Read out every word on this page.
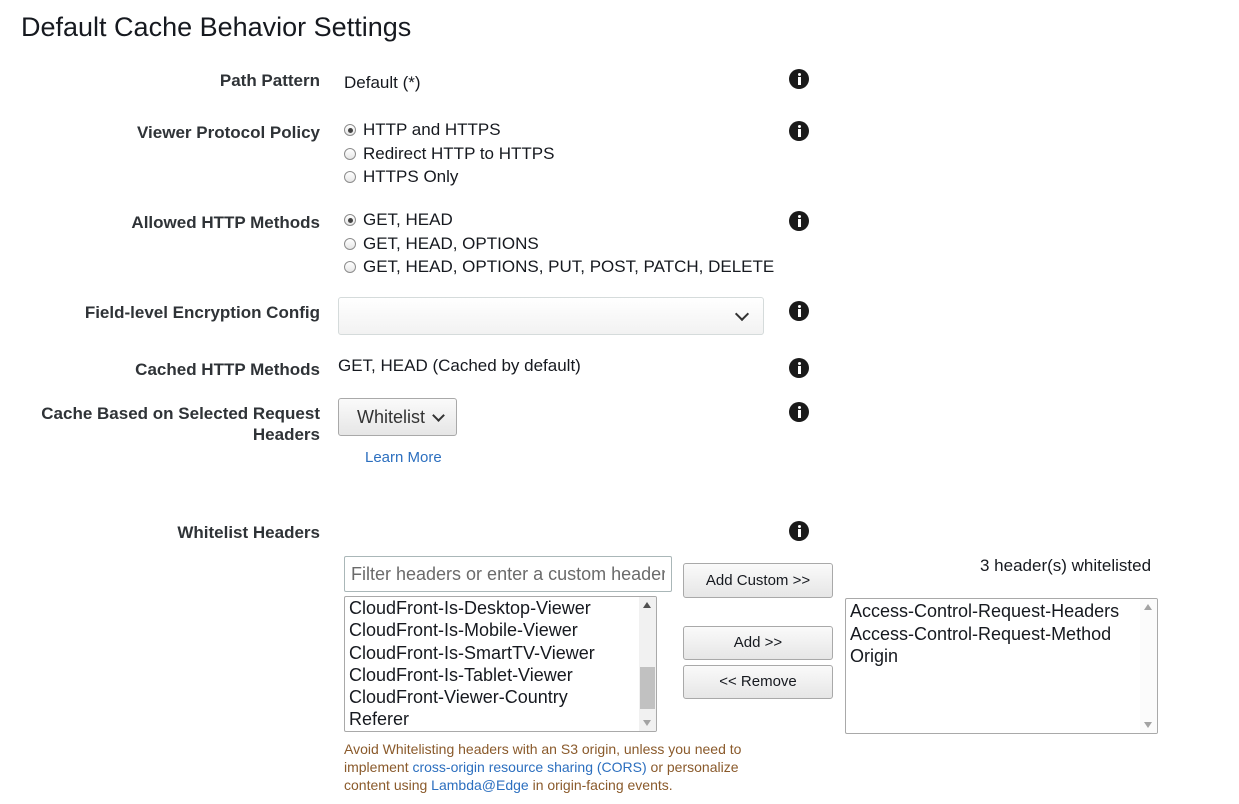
Default Cache Behavior Settings
Path Pattern Default (*)
Viewer Protocol Policy	HTTP and HTTPS
Redirect HTTP to HTTPS
HTTPS Only
Allowed HTTP Methods	GET, HEAD
GET, HEAD, OPTIONS
GET, HEAD, OPTIONS, PUT, POST, PATCH, DELETE
Field-level Encryption Config
Cached HTTP Methods GET, HEAD (Cached by default)
Cache Based on Selected Request
Headers
Whitelist
Learn More
Whitelist Headers
Filter headers or enter a custom header
Add Custom >>
3 header(s) whitelisted
CloudFront-Is-Desktop-Viewer
CloudFront-Is-Mobile-Viewer
CloudFront-Is-SmartTV-Viewer
CloudFront-Is-Tablet-Viewer
CloudFront-Viewer-Country
Referer
Add >>
<< Remove
Access-Control-Request-Headers
Access-Control-Request-Method
Origin
Avoid Whitelisting headers with an S3 origin, unless you need to implement cross-origin resource sharing (CORS) or personalize content using Lambda@Edge in origin-facing events.
